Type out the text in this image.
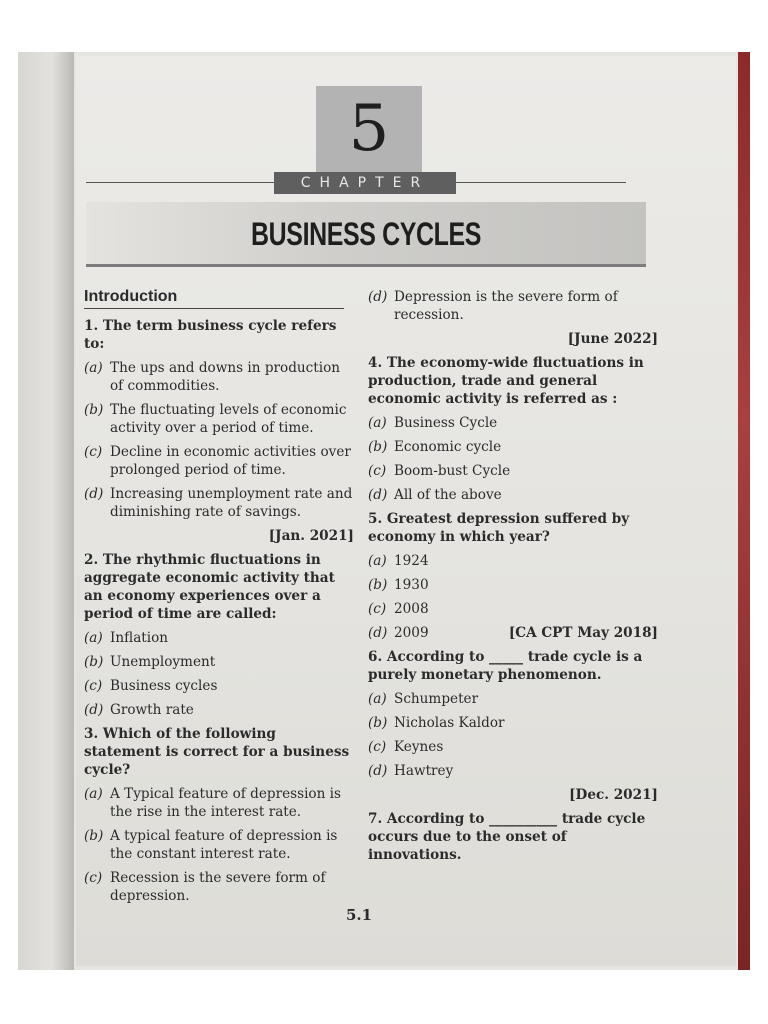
5
CHAPTER
BUSINESS CYCLES
Introduction
1. The term business cycle refers to:
(a) The ups and downs in production of commodities.
(b) The fluctuating levels of economic activity over a period of time.
(c) Decline in economic activities over prolonged period of time.
(d) Increasing unemployment rate and diminishing rate of savings.
[Jan. 2021]
2. The rhythmic fluctuations in aggregate economic activity that an economy experiences over a period of time are called:
(a) Inflation
(b) Unemployment
(c) Business cycles
(d) Growth rate
3. Which of the following statement is correct for a business cycle?
(a) A Typical feature of depression is the rise in the interest rate.
(b) A typical feature of depression is the constant interest rate.
(c) Recession is the severe form of depression.
(d) Depression is the severe form of recession.
[June 2022]
4. The economy-wide fluctuations in production, trade and general economic activity is referred as :
(a) Business Cycle
(b) Economic cycle
(c) Boom-bust Cycle
(d) All of the above
5. Greatest depression suffered by economy in which year?
(a) 1924
(b) 1930
(c) 2008
(d) 2009	[CA CPT May 2018]
6. According to _____ trade cycle is a purely monetary phenomenon.
(a) Schumpeter
(b) Nicholas Kaldor
(c) Keynes
(d) Hawtrey
[Dec. 2021]
7. According to __________ trade cycle occurs due to the onset of innovations.
5.1
